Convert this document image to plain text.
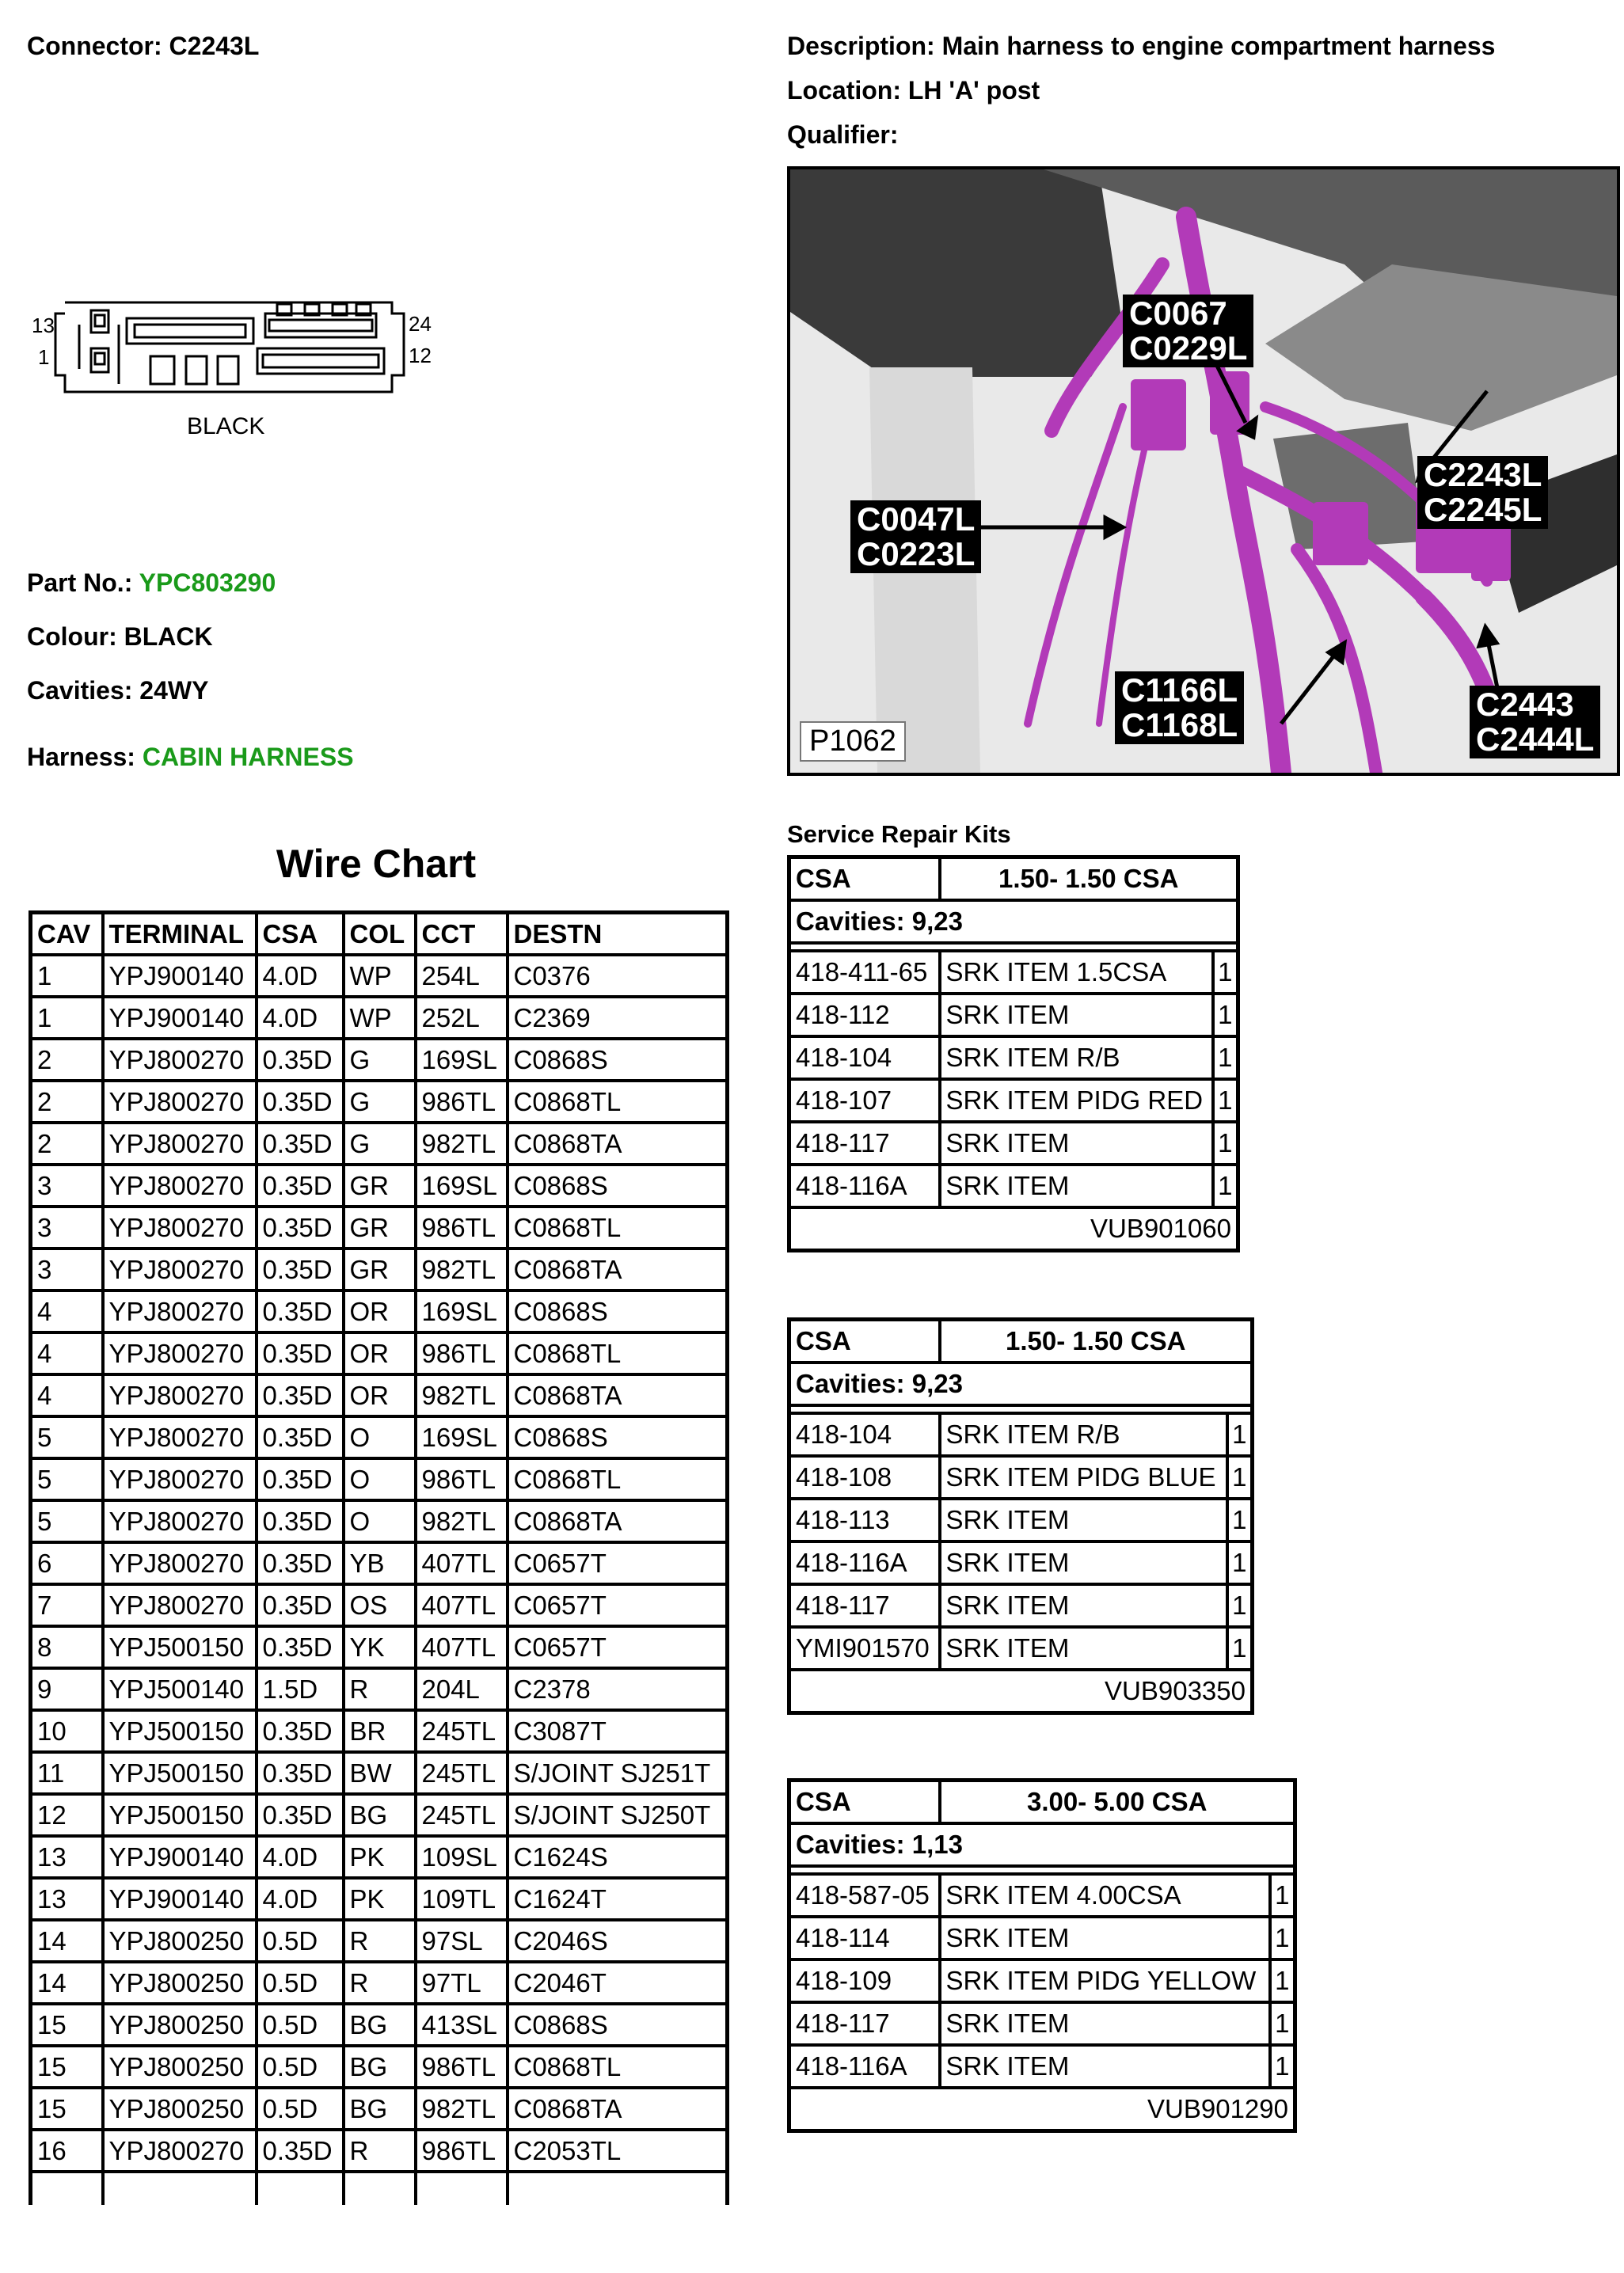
Connector: C2243L	Description: Main harness to engine compartment harness
Location: LH 'A' post
Qualifier:
13
1
24
12
BLACK
Part No.: YPC803290
Colour: BLACK
Cavities: 24WY
Harness: CABIN HARNESS
C0067
C0229L
C2243L
C2245L
C0047L
C0223L
C1166L
C1168L
C2443
C2444L
P1062
Wire Chart
CAV	TERMINAL	CSA	COL	CCT	DESTN
1	YPJ900140	4.0D	WP	254L	C0376
1	YPJ900140	4.0D	WP	252L	C2369
2	YPJ800270	0.35D	G	169SL	C0868S
2	YPJ800270	0.35D	G	986TL	C0868TL
2	YPJ800270	0.35D	G	982TL	C0868TA
3	YPJ800270	0.35D	GR	169SL	C0868S
3	YPJ800270	0.35D	GR	986TL	C0868TL
3	YPJ800270	0.35D	GR	982TL	C0868TA
4	YPJ800270	0.35D	OR	169SL	C0868S
4	YPJ800270	0.35D	OR	986TL	C0868TL
4	YPJ800270	0.35D	OR	982TL	C0868TA
5	YPJ800270	0.35D	O	169SL	C0868S
5	YPJ800270	0.35D	O	986TL	C0868TL
5	YPJ800270	0.35D	O	982TL	C0868TA
6	YPJ800270	0.35D	YB	407TL	C0657T
7	YPJ800270	0.35D	OS	407TL	C0657T
8	YPJ500150	0.35D	YK	407TL	C0657T
9	YPJ500140	1.5D	R	204L	C2378
10	YPJ500150	0.35D	BR	245TL	C3087T
11	YPJ500150	0.35D	BW	245TL	S/JOINT SJ251T
12	YPJ500150	0.35D	BG	245TL	S/JOINT SJ250T
13	YPJ900140	4.0D	PK	109SL	C1624S
13	YPJ900140	4.0D	PK	109TL	C1624T
14	YPJ800250	0.5D	R	97SL	C2046S
14	YPJ800250	0.5D	R	97TL	C2046T
15	YPJ800250	0.5D	BG	413SL	C0868S
15	YPJ800250	0.5D	BG	986TL	C0868TL
15	YPJ800250	0.5D	BG	982TL	C0868TA
16	YPJ800270	0.35D	R	986TL	C2053TL

Service Repair Kits
CSA	1.50- 1.50 CSA	
Cavities: 9,23		

418-411-65	SRK ITEM 1.5CSA	1
418-112	SRK ITEM	1
418-104	SRK ITEM R/B	1
418-107	SRK ITEM PIDG RED	1
418-117	SRK ITEM	1
418-116A	SRK ITEM	1
VUB901060		
CSA	1.50- 1.50 CSA	
Cavities: 9,23		

418-104	SRK ITEM R/B	1
418-108	SRK ITEM PIDG BLUE	1
418-113	SRK ITEM	1
418-116A	SRK ITEM	1
418-117	SRK ITEM	1
YMI901570	SRK ITEM	1
VUB903350		
CSA	3.00- 5.00 CSA	
Cavities: 1,13		

418-587-05	SRK ITEM 4.00CSA	1
418-114	SRK ITEM	1
418-109	SRK ITEM PIDG YELLOW	1
418-117	SRK ITEM	1
418-116A	SRK ITEM	1
VUB901290		
